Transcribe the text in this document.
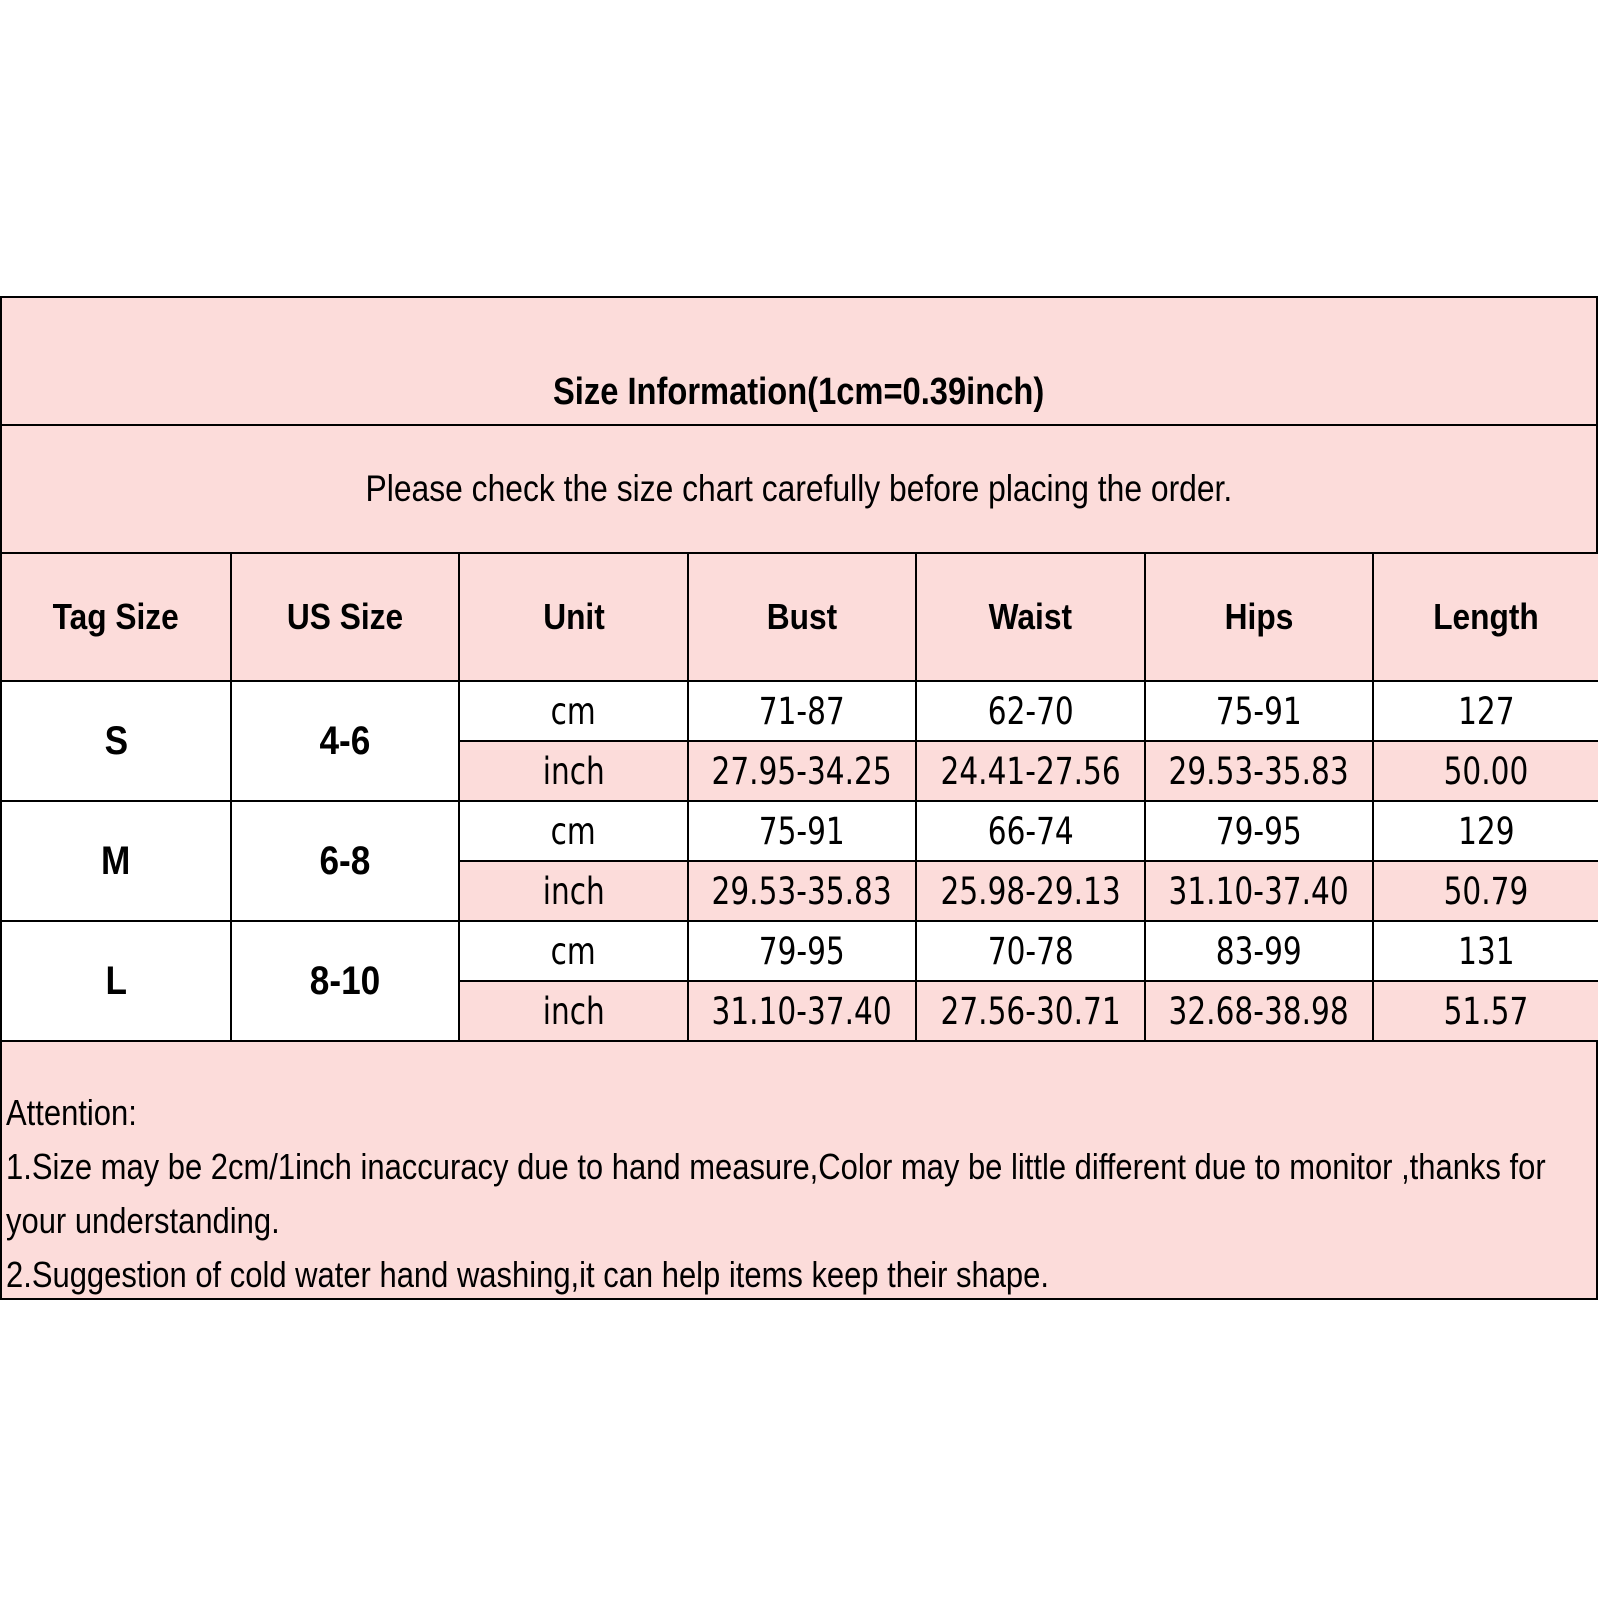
Size Information(1cm=0.39inch)
Please check the size chart carefully before placing the order.
Tag Size	US Size	Unit	Bust	Waist	Hips	Length
S	4-6	cm	71-87	62-70	75-91	127
		inch	27.95-34.25	24.41-27.56	29.53-35.83	50.00
M	6-8	cm	75-91	66-74	79-95	129
		inch	29.53-35.83	25.98-29.13	31.10-37.40	50.79
L	8-10	cm	79-95	70-78	83-99	131
		inch	31.10-37.40	27.56-30.71	32.68-38.98	51.57

Attention:

1.Size may be 2cm/1inch inaccuracy due to hand measure,Color may be little different due to monitor ,thanks for

your understanding.

2.Suggestion of cold water hand washing,it can help items keep their shape.
